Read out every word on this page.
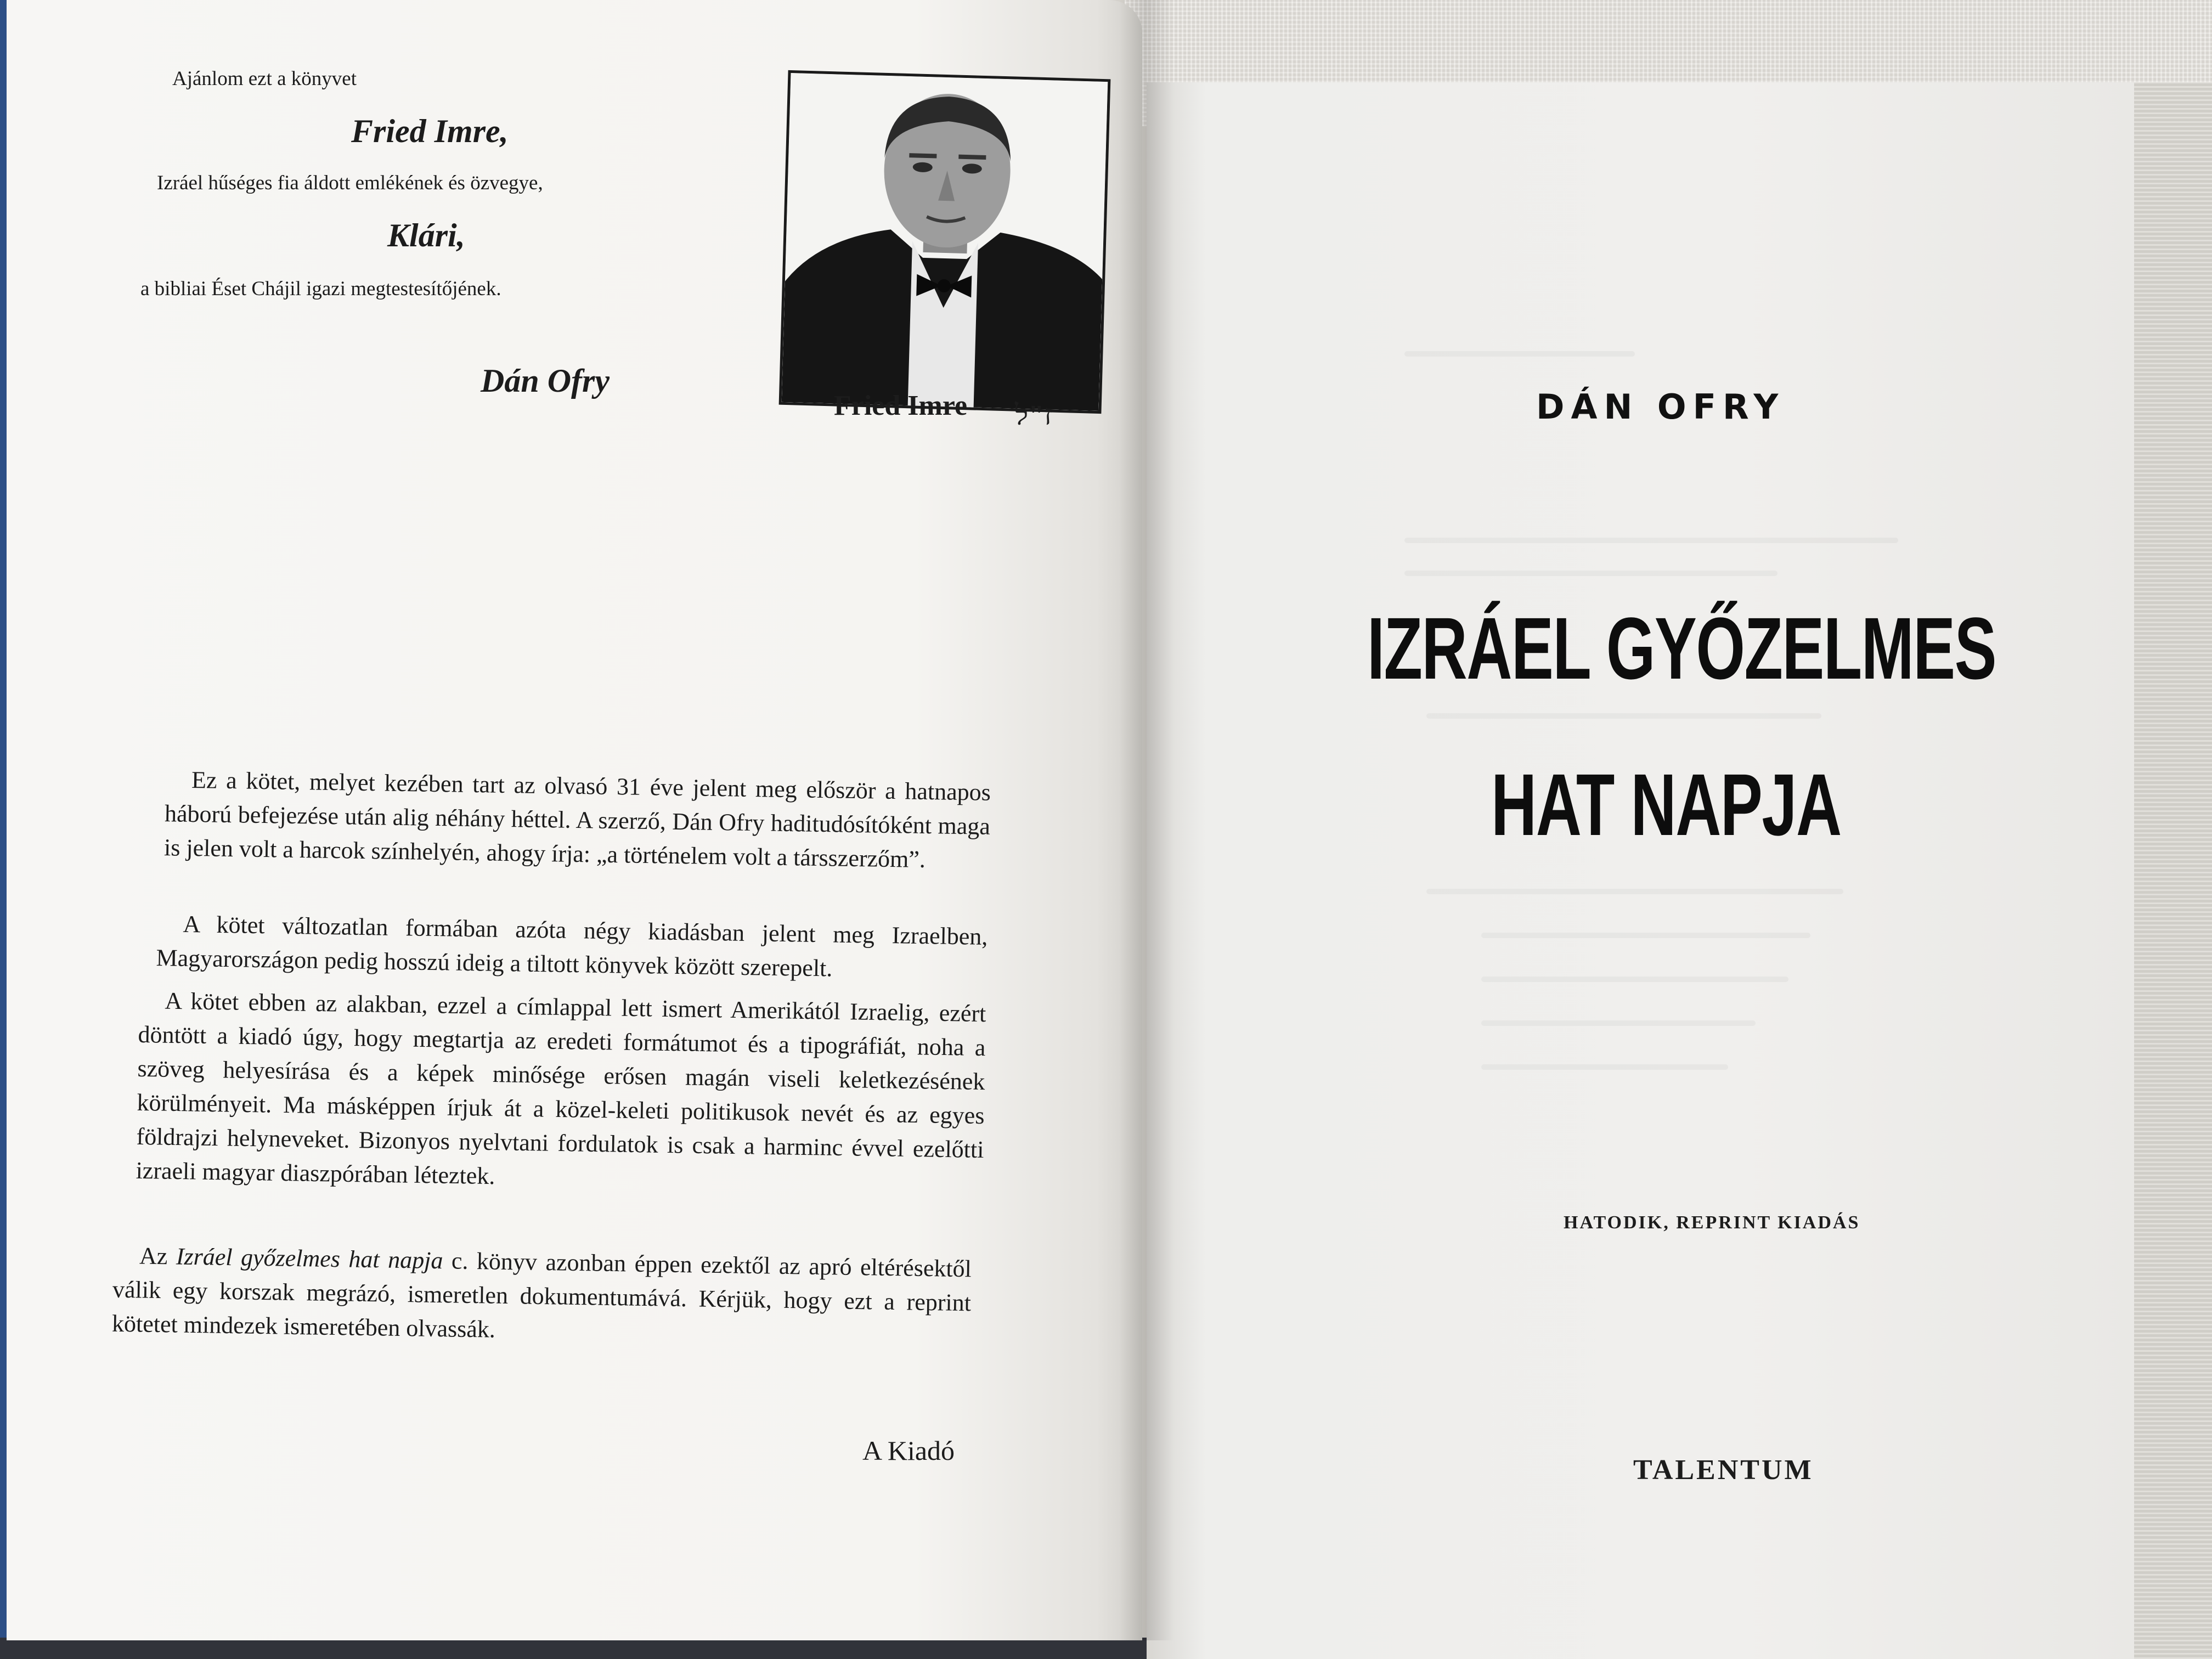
Ajánlom ezt a könyvet
Fried Imre,
Izráel hűséges fia áldott emlékének és özvegye,
Klári,
a bibliai Éset Chájil igazi megtestesítőjének.
Dán Ofry
Fried Imre ז"ל
Ez a kötet, melyet kezében tart az olvasó 31 éve jelent meg először a hatnapos háború befejezése után alig néhány héttel. A szerző, Dán Ofry haditudósítóként maga is jelen volt a harcok színhelyén, ahogy írja: „a történelem volt a társszerzőm”.
A kötet változatlan formában azóta négy kiadásban jelent meg Izraelben, Magyarországon pedig hosszú ideig a tiltott könyvek között szerepelt.
A kötet ebben az alakban, ezzel a címlappal lett ismert Amerikától Izraelig, ezért döntött a kiadó úgy, hogy megtartja az eredeti formátumot és a tipográfiát, noha a szöveg helyesírása és a képek minősége erősen magán viseli keletkezésének körülményeit. Ma másképpen írjuk át a közel-keleti politikusok nevét és az egyes földrajzi helyneveket. Bizonyos nyelvtani fordulatok is csak a harminc évvel ezelőtti izraeli magyar diaszpórában léteztek.
Az Izráel győzelmes hat napja c. könyv azonban éppen ezektől az apró eltérésektől válik egy korszak megrázó, ismeretlen dokumentumává. Kérjük, hogy ezt a reprint kötetet mindezek ismeretében olvassák.
A Kiadó
DÁN OFRY
IZRÁEL GYŐZELMES
HAT NAPJA
HATODIK, REPRINT KIADÁS
TALENTUM
